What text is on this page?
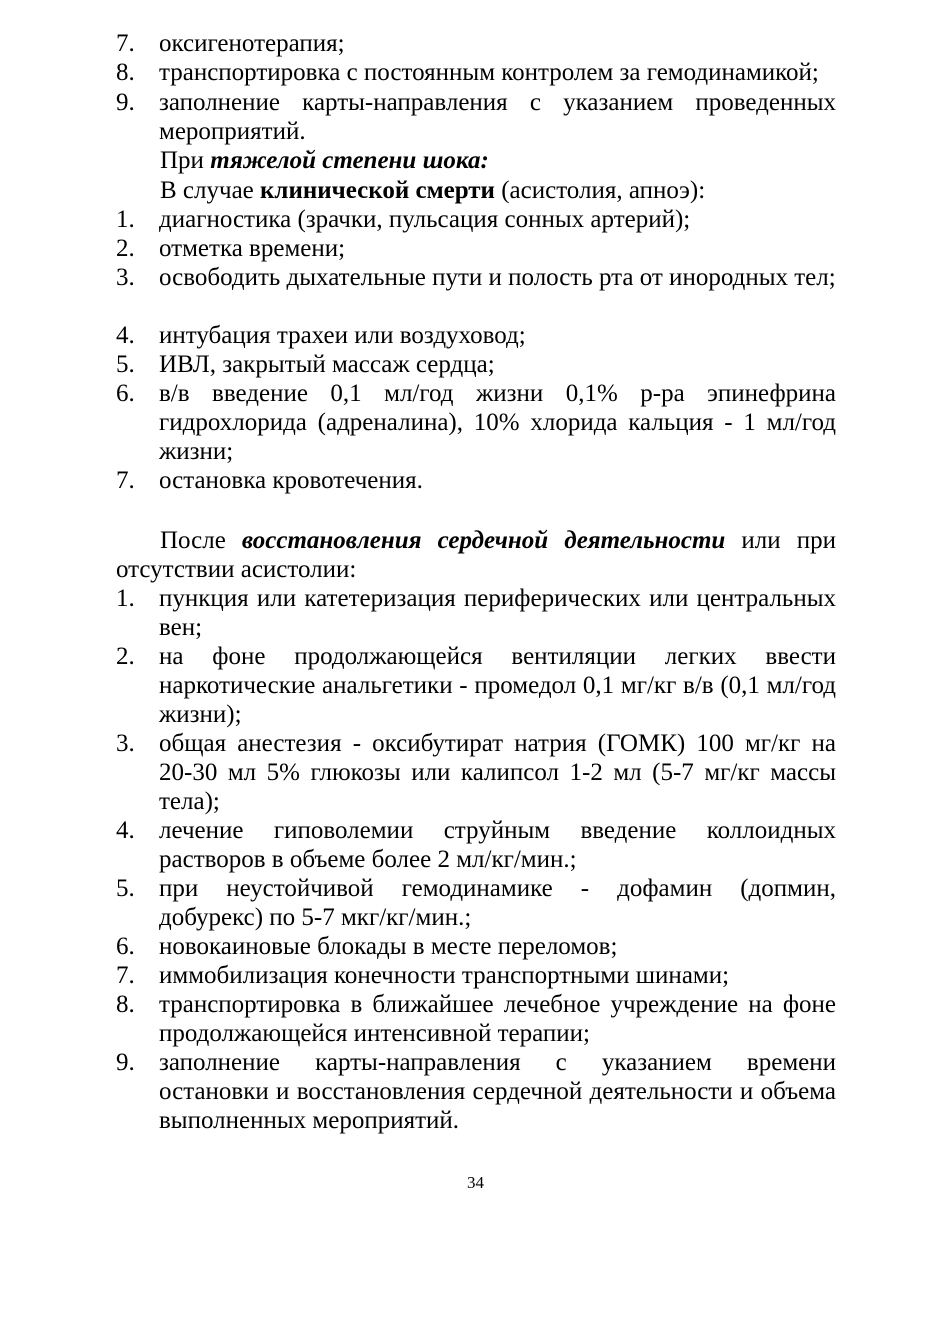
7. оксигенотерапия;
8. транспортировка с постоянным контролем за гемодинамикой;
9. заполнение карты-направления с указанием проведенных мероприятий.
При тяжелой степени шока:
В случае клинической смерти (асистолия, апноэ):
1. диагностика (зрачки, пульсация сонных артерий);
2. отметка времени;
3. освободить дыхательные пути и полость рта от инородных тел;
4. интубация трахеи или воздуховод;
5. ИВЛ, закрытый массаж сердца;
6. в/в введение 0,1 мл/год жизни 0,1% р-ра эпинефрина гидрохлорида (адреналина), 10% хлорида кальция - 1 мл/год жизни;
7. остановка кровотечения.
После восстановления сердечной деятельности или при отсутствии асистолии:
1. пункция или катетеризация периферических или центральных вен;
2. на фоне продолжающейся вентиляции легких ввести наркотические анальгетики - промедол 0,1 мг/кг в/в (0,1 мл/год жизни);
3. общая анестезия - оксибутират натрия (ГОМК) 100 мг/кг на 20-30 мл 5% глюкозы или калипсол 1-2 мл (5-7 мг/кг массы тела);
4. лечение гиповолемии струйным введение коллоидных растворов в объеме более 2 мл/кг/мин.;
5. при неустойчивой гемодинамике - дофамин (допмин, добурекс) по 5-7 мкг/кг/мин.;
6. новокаиновые блокады в месте переломов;
7. иммобилизация конечности транспортными шинами;
8. транспортировка в ближайшее лечебное учреждение на фоне продолжающейся интенсивной терапии;
9. заполнение карты-направления с указанием времени остановки и восстановления сердечной деятельности и объема выполненных мероприятий.
34
